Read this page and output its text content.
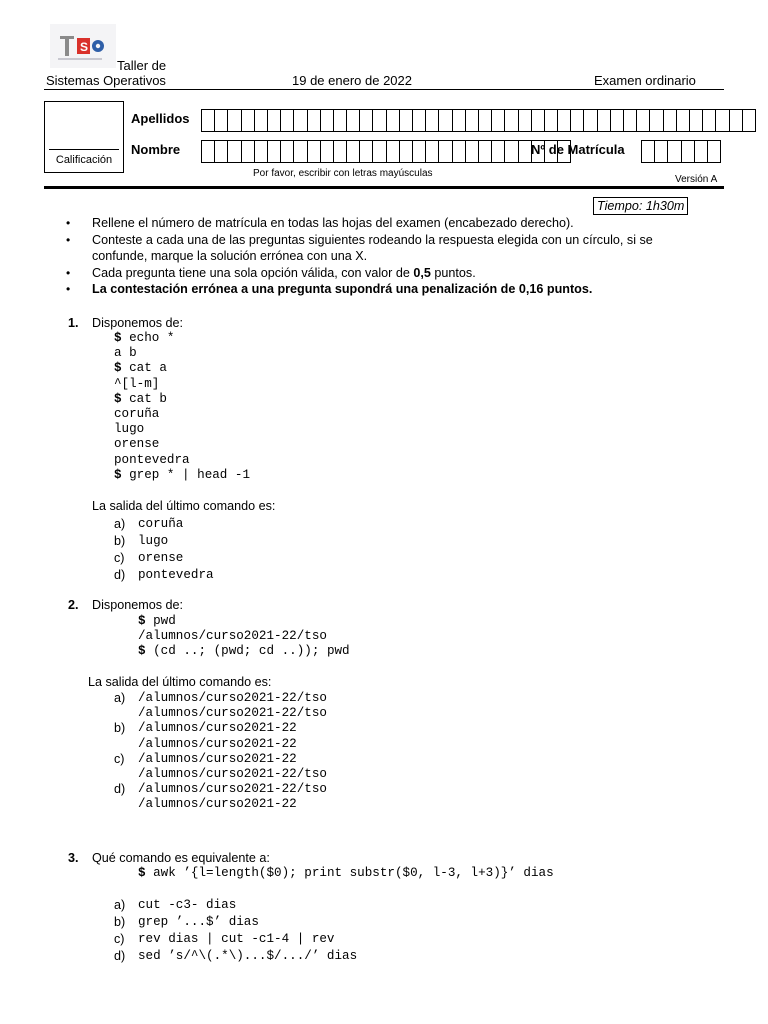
S
Taller de
Sistemas Operativos	19 de enero de 2022	Examen ordinario
Calificación
Apellidos
Nombre	Nº de Matrícula
Por favor, escribir con letras mayúsculas
Versión A
Tiempo: 1h30m
•	Rellene el número de matrícula en todas las hojas del examen (encabezado derecho).
•	Conteste a cada una de las preguntas siguientes rodeando la respuesta elegida con un círculo, si se
confunde, marque la solución errónea con una X.
•	Cada pregunta tiene una sola opción válida, con valor de 0,5 puntos.
•	La contestación errónea a una pregunta supondrá una penalización de 0,16 puntos.
1. Disponemos de:
$ echo *
a b
$ cat a
^[l-m]
$ cat b
coruña
lugo
orense
pontevedra
$ grep * | head -1
La salida del último comando es:
a)	coruña
b)	lugo
c)	orense
d)	pontevedra
2. Disponemos de:
$ pwd
/alumnos/curso2021-22/tso
$ (cd ..; (pwd; cd ..)); pwd
La salida del último comando es:
a)	/alumnos/curso2021-22/tso
/alumnos/curso2021-22/tso
b)	/alumnos/curso2021-22
/alumnos/curso2021-22
c)	/alumnos/curso2021-22
/alumnos/curso2021-22/tso
d)	/alumnos/curso2021-22/tso
/alumnos/curso2021-22
3. Qué comando es equivalente a:
$ awk ’{l=length($0); print substr($0, l-3, l+3)}’ dias
a)	cut -c3- dias
b)	grep ’...$’ dias
c)	rev dias | cut -c1-4 | rev
d)	sed ’s/^\(.*\)...$/.../’ dias
